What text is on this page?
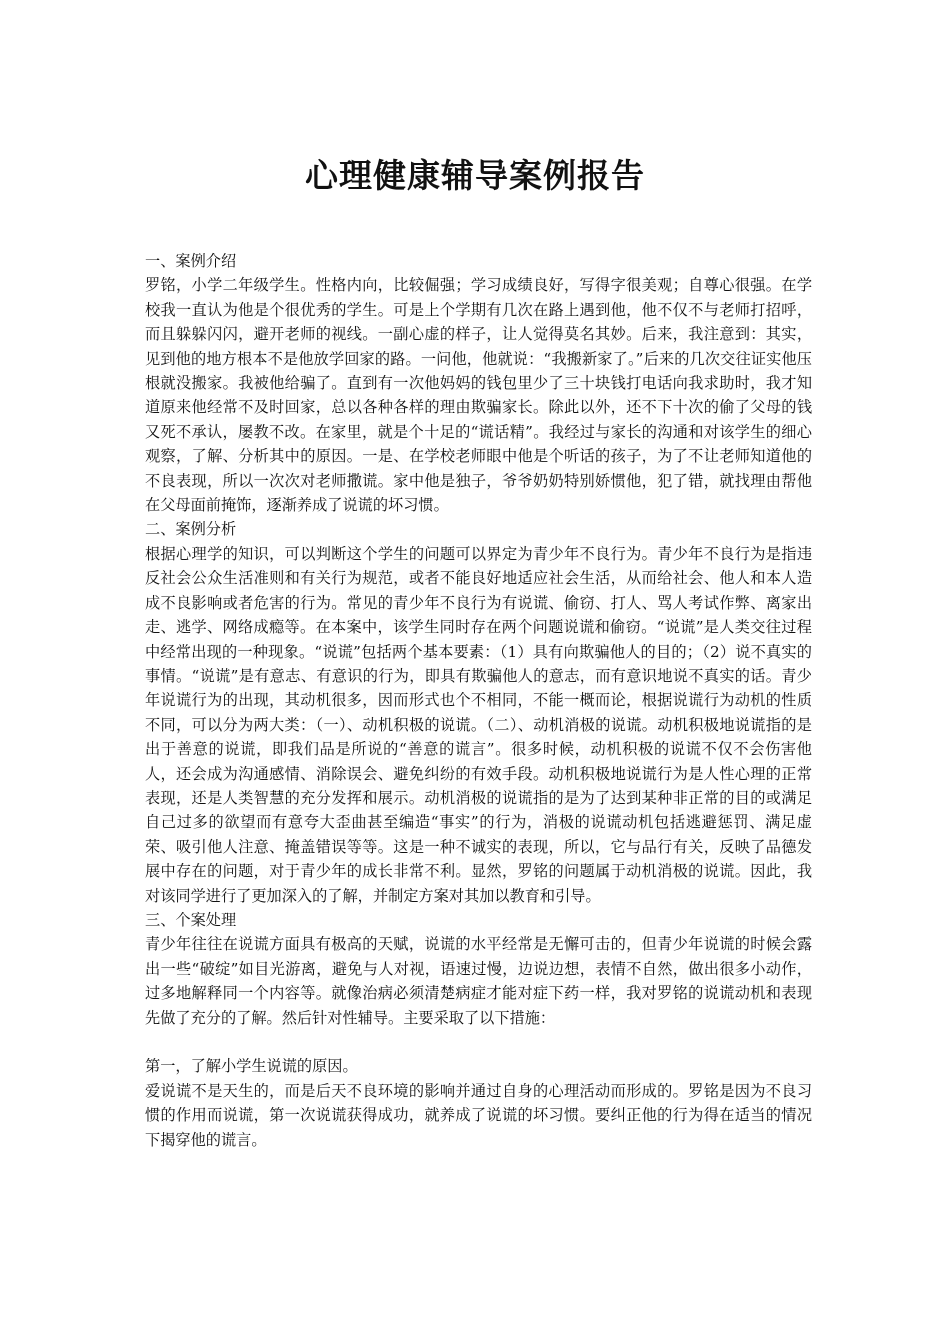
心理健康辅导案例报告

一、案例介绍

罗铭，小学二年级学生。性格内向，比较倔强；学习成绩良好，写得字很美观；自尊心很强。在学校我一直认为他是个很优秀的学生。可是上个学期有几次在路上遇到他，他不仅不与老师打招呼，而且躲躲闪闪，避开老师的视线。一副心虚的样子，让人觉得莫名其妙。后来，我注意到：其实，见到他的地方根本不是他放学回家的路。一问他，他就说：“我搬新家了。”后来的几次交往证实他压根就没搬家。我被他给骗了。直到有一次他妈妈的钱包里少了三十块钱打电话向我求助时，我才知道原来他经常不及时回家，总以各种各样的理由欺骗家长。除此以外，还不下十次的偷了父母的钱又死不承认，屡教不改。在家里，就是个十足的“谎话精”。我经过与家长的沟通和对该学生的细心观察，了解、分析其中的原因。一是、在学校老师眼中他是个听话的孩子，为了不让老师知道他的不良表现，所以一次次对老师撒谎。家中他是独子，爷爷奶奶特别娇惯他，犯了错，就找理由帮他在父母面前掩饰，逐渐养成了说谎的坏习惯。

二、案例分析

根据心理学的知识，可以判断这个学生的问题可以界定为青少年不良行为。青少年不良行为是指违反社会公众生活准则和有关行为规范，或者不能良好地适应社会生活，从而给社会、他人和本人造成不良影响或者危害的行为。常见的青少年不良行为有说谎、偷窃、打人、骂人考试作弊、离家出走、逃学、网络成瘾等。在本案中，该学生同时存在两个问题说谎和偷窃。“说谎”是人类交往过程中经常出现的一种现象。“说谎”包括两个基本要素：（1）具有向欺骗他人的目的；（2）说不真实的事情。“说谎”是有意志、有意识的行为，即具有欺骗他人的意志，而有意识地说不真实的话。青少年说谎行为的出现，其动机很多，因而形式也个不相同，不能一概而论，根据说谎行为动机的性质不同，可以分为两大类：（一）、动机积极的说谎。（二）、动机消极的说谎。动机积极地说谎指的是出于善意的说谎，即我们品是所说的“善意的谎言”。很多时候，动机积极的说谎不仅不会伤害他人，还会成为沟通感情、消除误会、避免纠纷的有效手段。动机积极地说谎行为是人性心理的正常表现，还是人类智慧的充分发挥和展示。动机消极的说谎指的是为了达到某种非正常的目的或满足自己过多的欲望而有意夸大歪曲甚至编造“事实”的行为，消极的说谎动机包括逃避惩罚、满足虚荣、吸引他人注意、掩盖错误等等。这是一种不诚实的表现，所以，它与品行有关，反映了品德发展中存在的问题，对于青少年的成长非常不利。显然，罗铭的问题属于动机消极的说谎。因此，我对该同学进行了更加深入的了解，并制定方案对其加以教育和引导。

三、个案处理

青少年往往在说谎方面具有极高的天赋，说谎的水平经常是无懈可击的，但青少年说谎的时候会露出一些“破绽”如目光游离，避免与人对视，语速过慢，边说边想，表情不自然，做出很多小动作，过多地解释同一个内容等。就像治病必须清楚病症才能对症下药一样，我对罗铭的说谎动机和表现先做了充分的了解。然后针对性辅导。主要采取了以下措施：

第一，了解小学生说谎的原因。

爱说谎不是天生的，而是后天不良环境的影响并通过自身的心理活动而形成的。罗铭是因为不良习惯的作用而说谎，第一次说谎获得成功，就养成了说谎的坏习惯。要纠正他的行为得在适当的情况下揭穿他的谎言。
